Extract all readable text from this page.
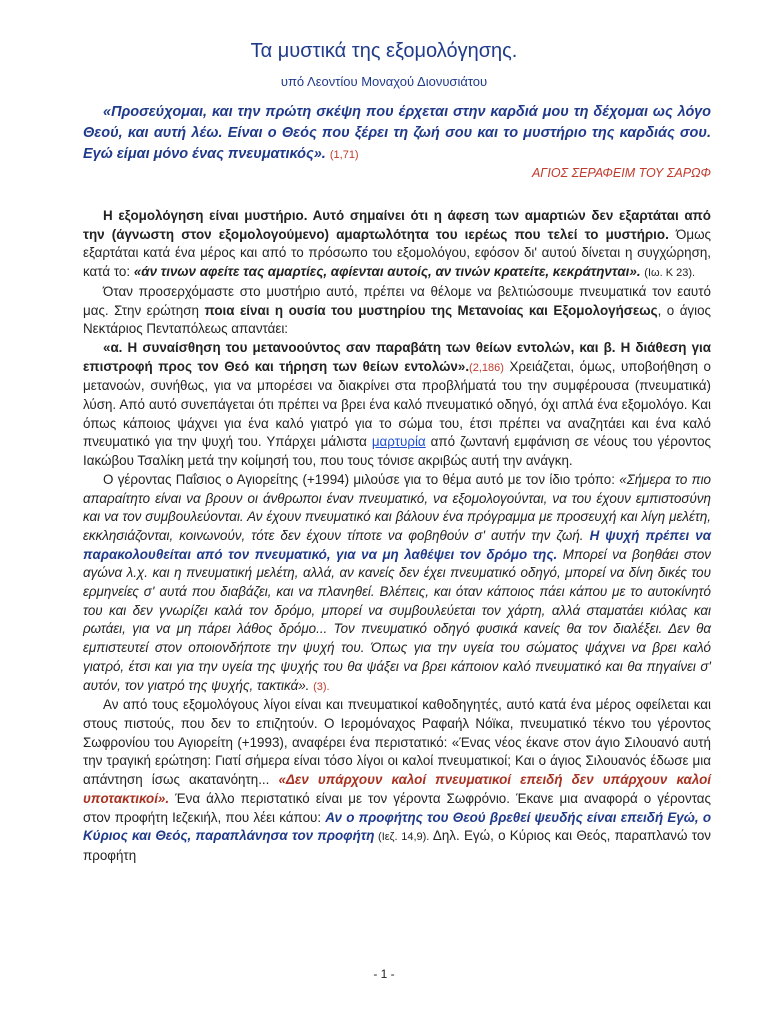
Τα μυστικά της εξομολόγησης.
υπό Λεοντίου Μοναχού Διονυσιάτου
«Προσεύχομαι, και την πρώτη σκέψη που έρχεται στην καρδιά μου τη δέχομαι ως λόγο Θεού, και αυτή λέω. Είναι ο Θεός που ξέρει τη ζωή σου και το μυστήριο της καρδιάς σου. Εγώ είμαι μόνο ένας πνευματικός». (1,71)
ΑΓΙΟΣ ΣΕΡΑΦΕΙΜ ΤΟΥ ΣΑΡΩΦ

Η εξομολόγηση είναι μυστήριο. Αυτό σημαίνει ότι η άφεση των αμαρτιών δεν εξαρτάται από την (άγνωστη στον εξομολογούμενο) αμαρτωλότητα του ιερέως που τελεί το μυστήριο. Όμως εξαρτάται κατά ένα μέρος και από το πρόσωπο του εξομολόγου, εφόσον δι' αυτού δίνεται η συγχώρηση, κατά το: «άν τινων αφείτε τας αμαρτίες, αφίενται αυτοίς, αν τινών κρατείτε, κεκράτηνται». (Ιω. Κ 23).

Όταν προσερχόμαστε στο μυστήριο αυτό, πρέπει να θέλομε να βελτιώσουμε πνευματικά τον εαυτό μας. Στην ερώτηση ποια είναι η ουσία του μυστηρίου της Μετανοίας και Εξομολογήσεως, ο άγιος Νεκτάριος Πενταπόλεως απαντάει:

«α. Η συναίσθηση του μετανοούντος σαν παραβάτη των θείων εντολών, και β. Η διάθεση για επιστροφή προς τον Θεό και τήρηση των θείων εντολών».(2,186) Χρειάζεται, όμως, υποβοήθηση ο μετανοών, συνήθως, για να μπορέσει να διακρίνει στα προβλήματά του την συμφέρουσα (πνευματικά) λύση. Από αυτό συνεπάγεται ότι πρέπει να βρει ένα καλό πνευματικό οδηγό, όχι απλά ένα εξομολόγο. Και όπως κάποιος ψάχνει για ένα καλό γιατρό για το σώμα του, έτσι πρέπει να αναζητάει και ένα καλό πνευματικό για την ψυχή του. Υπάρχει μάλιστα μαρτυρία από ζωντανή εμφάνιση σε νέους του γέροντος Ιακώβου Τσαλίκη μετά την κοίμησή του, που τους τόνισε ακριβώς αυτή την ανάγκη.

Ο γέροντας Παΐσιος ο Αγιορείτης (+1994) μιλούσε για το θέμα αυτό με τον ίδιο τρόπο: «Σήμερα το πιο απαραίτητο είναι να βρουν οι άνθρωποι έναν πνευματικό, να εξομολογούνται, να του έχουν εμπιστοσύνη και να τον συμβουλεύονται. Αν έχουν πνευματικό και βάλουν ένα πρόγραμμα με προσευχή και λίγη μελέτη, εκκλησιάζονται, κοινωνούν, τότε δεν έχουν τίποτε να φοβηθούν σ' αυτήν την ζωή. Η ψυχή πρέπει να παρακολουθείται από τον πνευματικό, για να μη λαθέψει τον δρόμο της. Μπορεί να βοηθάει στον αγώνα λ.χ. και η πνευματική μελέτη, αλλά, αν κανείς δεν έχει πνευματικό οδηγό, μπορεί να δίνη δικές του ερμηνείες σ' αυτά που διαβάζει, και να πλανηθεί. Βλέπεις, και όταν κάποιος πάει κάπου με το αυτοκίνητό του και δεν γνωρίζει καλά τον δρόμο, μπορεί να συμβουλεύεται τον χάρτη, αλλά σταματάει κιόλας και ρωτάει, για να μη πάρει λάθος δρόμο... Τον πνευματικό οδηγό φυσικά κανείς θα τον διαλέξει. Δεν θα εμπιστευτεί στον οποιονδήποτε την ψυχή του. Όπως για την υγεία του σώματος ψάχνει να βρει καλό γιατρό, έτσι και για την υγεία της ψυχής του θα ψάξει να βρει κάποιον καλό πνευματικό και θα πηγαίνει σ' αυτόν, τον γιατρό της ψυχής, τακτικά». (3).

Αν από τους εξομολόγους λίγοι είναι και πνευματικοί καθοδηγητές, αυτό κατά ένα μέρος οφείλεται και στους πιστούς, που δεν το επιζητούν. Ο Ιερομόναχος Ραφαήλ Νόϊκα, πνευματικό τέκνο του γέροντος Σωφρονίου του Αγιορείτη (+1993), αναφέρει ένα περιστατικό: «Ένας νέος έκανε στον άγιο Σιλουανό αυτή την τραγική ερώτηση: Γιατί σήμερα είναι τόσο λίγοι οι καλοί πνευματικοί; Και ο άγιος Σιλουανός έδωσε μια απάντηση ίσως ακατανόητη... «Δεν υπάρχουν καλοί πνευματικοί επειδή δεν υπάρχουν καλοί υποτακτικοί». Ένα άλλο περιστατικό είναι με τον γέροντα Σωφρόνιο. Έκανε μια αναφορά ο γέροντας στον προφήτη Ιεζεκιήλ, που λέει κάπου: Αν ο προφήτης του Θεού βρεθεί ψευδής είναι επειδή Εγώ, ο Κύριος και Θεός, παραπλάνησα τον προφήτη (Ιεζ. 14,9). Δηλ. Εγώ, ο Κύριος και Θεός, παραπλανώ τον προφήτη

- 1 -
